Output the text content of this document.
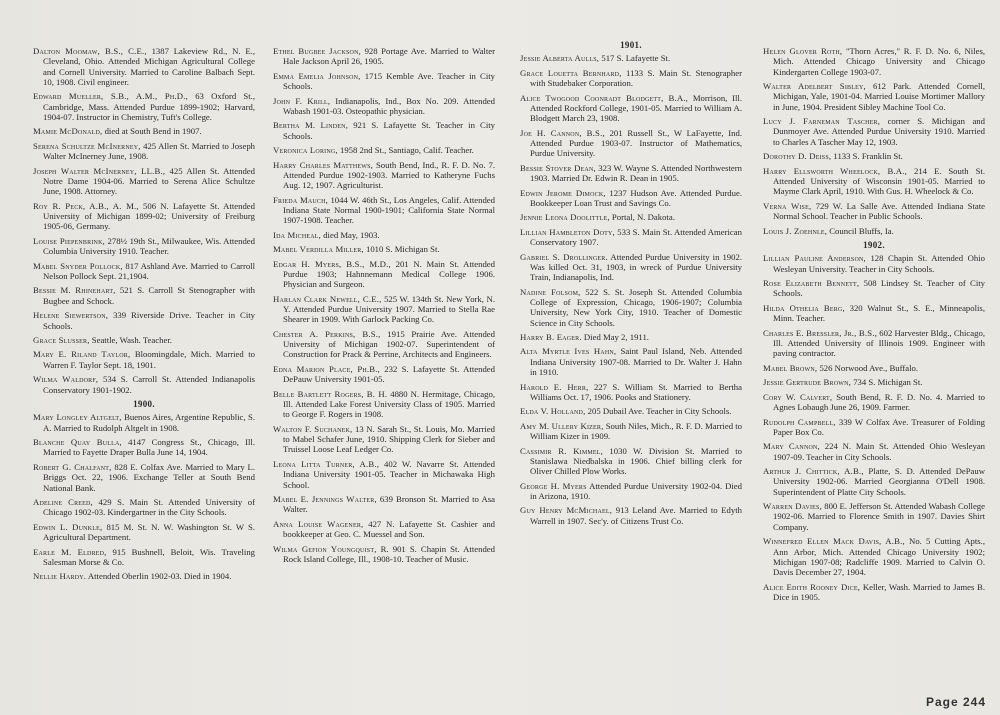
Dalton Moomaw, B.S., C.E., 1387 Lakeview Rd., N. E., Cleveland, Ohio. Attended Michigan Agricultural College and Cornell University. Married to Caroline Balbach Sept. 10, 1908. Civil engineer.
Edward Mueller, S.B., A.M., Ph.D., 63 Oxford St., Cambridge, Mass. Attended Purdue 1899-1902; Harvard, 1904-07. Instructor in Chemistry, Tuft's College.
Mamie McDonald, died at South Bend in 1907.
Serena Schultze McInerney, 425 Allen St. Married to Joseph Walter McInerney June, 1908.
Joseph Walter McInerney, LL.B., 425 Allen St. Attended Notre Dame 1904-06. Married to Serena Alice Schultze June, 1908. Attorney.
Roy R. Peck, A.B., A. M., 506 N. Lafayette St. Attended University of Michigan 1899-02; University of Freiburg 1905-06, Germany.
Louise Piepenbrink, 278½ 19th St., Milwaukee, Wis. Attended Columbia University 1910. Teacher.
Mabel Snyder Pollock, 817 Ashland Ave. Married to Carroll Nelson Pollock Sept. 21,1904.
Bessie M. Rhinehart, 521 S. Carroll St Stenographer with Bugbee and Schock.
Helene Siewertson, 339 Riverside Drive. Teacher in City Schools.
Grace Slusser, Seattle, Wash. Teacher.
Mary E. Riland Taylor, Bloomingdale, Mich. Married to Warren F. Taylor Sept. 18, 1901.
Wilma Waldorf, 534 S. Carroll St. Attended Indianapolis Conservatory 1901-1902.
1900.
Mary Longley Altgelt, Buenos Aires, Argentine Republic, S. A. Married to Rudolph Altgelt in 1908.
Blanche Quay Bulla, 4147 Congress St., Chicago, Ill. Married to Fayette Draper Bulla June 14, 1904.
Robert G. Chalfant, 828 E. Colfax Ave. Married to Mary L. Briggs Oct. 22, 1906. Exchange Teller at South Bend National Bank.
Adeline Creed, 429 S. Main St. Attended University of Chicago 1902-03. Kindergartner in the City Schools.
Edwin L. Dunkle, 815 M. St. N. W. Washington St. W S. Agricultural Department.
Earle M. Eldred, 915 Bushnell, Beloit, Wis. Traveling Salesman Morse & Co.
Nellie Hardy. Attended Oberlin 1902-03. Died in 1904.
Ethel Bugbee Jackson, 928 Portage Ave. Married to Walter Hale Jackson April 26, 1905.
Emma Emelia Johnson, 1715 Kemble Ave. Teacher in City Schools.
John F. Krill, Indianapolis, Ind., Box No. 209. Attended Wabash 1901-03. Osteopathic physician.
Bertha M. Linden, 921 S. Lafayette St. Teacher in City Schools.
Veronica Loring, 1958 2nd St., Santiago, Calif. Teacher.
Harry Charles Matthews, South Bend, Ind., R. F. D. No. 7. Attended Purdue 1902-1903. Married to Katheryne Fuchs Aug. 12, 1907. Agriculturist.
Frieda Mauch, 1044 W. 46th St., Los Angeles, Calif. Attended Indiana State Normal 1900-1901; California State Normal 1907-1908. Teacher.
Ida Micheal, died May, 1903.
Mabel Verdilla Miller, 1010 S. Michigan St.
Edgar H. Myers, B.S., M.D., 201 N. Main St. Attended Purdue 1903; Hahnnemann Medical College 1906. Physician and Surgeon.
Harlan Clark Newell, C.E., 525 W. 134th St. New York, N. Y. Attended Purdue University 1907. Married to Stella Rae Shearer in 1909. With Garlock Packing Co.
Chester A. Perkins, B.S., 1915 Prairie Ave. Attended University of Michigan 1902-07. Superintendent of Construction for Prack & Perrine, Architects and Engineers.
Edna Marion Place, Ph.B., 232 S. Lafayette St. Attended DePauw University 1901-05.
Belle Bartlett Rogers, B. H. 4880 N. Hermitage, Chicago, Ill. Attended Lake Forest University Class of 1905. Married to George F. Rogers in 1908.
Walton F. Suchanek, 13 N. Sarah St., St. Louis, Mo. Married to Mabel Schafer June, 1910. Shipping Clerk for Sieber and Truissel Loose Leaf Ledger Co.
Leona Litta Turner, A.B., 402 W. Navarre St. Attended Indiana University 1901-05. Teacher in Michawaka High School.
Mabel E. Jennings Walter, 639 Bronson St. Married to Asa Walter.
Anna Louise Wagener, 427 N. Lafayette St. Cashier and bookkeeper at Geo. C. Muessel and Son.
Wilma Gefion Youngquist, R. 901 S. Chapin St. Attended Rock Island College, Ill., 1908-10. Teacher of Music.
1901.
Jessie Alberta Aulls, 517 S. Lafayette St.
Grace Louetta Bernhard, 1133 S. Main St. Stenographer with Studebaker Corporation.
Alice Twogood Coonradt Blodgett, B.A., Morrison, Ill. Attended Rockford College, 1901-05. Married to William A. Blodgett March 23, 1908.
Joe H. Cannon, B.S., 201 Russell St., W LaFayette, Ind. Attended Purdue 1903-07. Instructor of Mathematics, Purdue University.
Bessie Stover Dean, 323 W. Wayne S. Attended Northwestern 1903. Married Dr. Edwin R. Dean in 1905.
Edwin Jerome Dimock, 1237 Hudson Ave. Attended Purdue. Bookkeeper Loan Trust and Savings Co.
Jennie Leona Doolittle, Portal, N. Dakota.
Lillian Hambleton Doty, 533 S. Main St. Attended American Conservatory 1907.
Gabriel S. Drollinger. Attended Purdue University in 1902. Was killed Oct. 31, 1903, in wreck of Purdue University Train, Indianapolis, Ind.
Nadine Folsom, 522 S. St. Joseph St. Attended Columbia College of Expression, Chicago, 1906-1907; Columbia University, New York City, 1910. Teacher of Domestic Science in City Schools.
Harry B. Eager. Died May 2, 1911.
Alta Myrtle Ives Hahn, Saint Paul Island, Neb. Attended Indiana University 1907-08. Married to Dr. Walter J. Hahn in 1910.
Harold E. Herr, 227 S. William St. Married to Bertha Williams Oct. 17, 1906. Pooks and Stationery.
Elda V. Holland, 205 Dubail Ave. Teacher in City Schools.
Amy M. Ullery Kizer, South Niles, Mich., R. F. D. Married to William Kizer in 1909.
Cassimir R. Kimmel, 1030 W. Division St. Married to Stanislawa Niedbalska in 1906. Chief billing clerk for Oliver Chilled Plow Works.
George H. Myers Attended Purdue University 1902-04. Died in Arizona, 1910.
Guy Henry McMichael, 913 Leland Ave. Married to Edyth Warrell in 1907. Sec'y. of Citizens Trust Co.
Helen Glover Roth, "Thorn Acres," R. F. D. No. 6, Niles, Mich. Attended Chicago University and Chicago Kindergarten College 1903-07.
Walter Adelbert Sibley, 612 Park. Attended Cornell, Michigan, Yale, 1901-04. Married Louise Mortimer Mallory in June, 1904. President Sibley Machine Tool Co.
Lucy J. Farneman Tascher, corner S. Michigan and Dunmoyer Ave. Attended Purdue University 1910. Married to Charles A Tascher May 12, 1903.
Dorothy D. Deiss, 1133 S. Franklin St.
Harry Ellsworth Wheelock, B.A., 214 E. South St. Attended University of Wisconsin 1901-05. Married to Mayme Clark April, 1910. With Gus. H. Wheelock & Co.
Verna Wise, 729 W. La Salle Ave. Attended Indiana State Normal School. Teacher in Public Schools.
Louis J. Zoehnle, Council Bluffs, Ia.
1902.
Lillian Pauline Anderson, 128 Chapin St. Attended Ohio Wesleyan University. Teacher in City Schools.
Rose Elizabeth Bennett, 508 Lindsey St. Teacher of City Schools.
Hilda Othelia Berg, 320 Walnut St., S. E., Minneapolis, Minn. Teacher.
Charles E. Bressler, Jr., B.S., 602 Harvester Bldg., Chicago, Ill. Attended University of Illinois 1909. Engineer with paving contractor.
Mabel Brown, 526 Norwood Ave., Buffalo.
Jessie Gertrude Brown, 734 S. Michigan St.
Cory W. Calvert, South Bend, R. F. D. No. 4. Married to Agnes Lobaugh June 26, 1909. Farmer.
Rudolph Campbell, 339 W Colfax Ave. Treasurer of Folding Paper Box Co.
Mary Cannon, 224 N. Main St. Attended Ohio Wesleyan 1907-09. Teacher in City Schools.
Arthur J. Chittick, A.B., Platte, S. D. Attended DePauw University 1902-06. Married Georgianna O'Dell 1908. Superintendent of Platte City Schools.
Warren Davies, 800 E. Jefferson St. Attended Wabash College 1902-06. Married to Florence Smith in 1907. Davies Shirt Company.
Winnefred Ellen Mack Davis, A.B., No. 5 Cutting Apts., Ann Arbor, Mich. Attended Chicago University 1902; Michigan 1907-08; Radcliffe 1909. Married to Calvin O. Davis December 27, 1904.
Alice Edith Rooney Dice, Keller, Wash. Married to James B. Dice in 1905.
Page 244
